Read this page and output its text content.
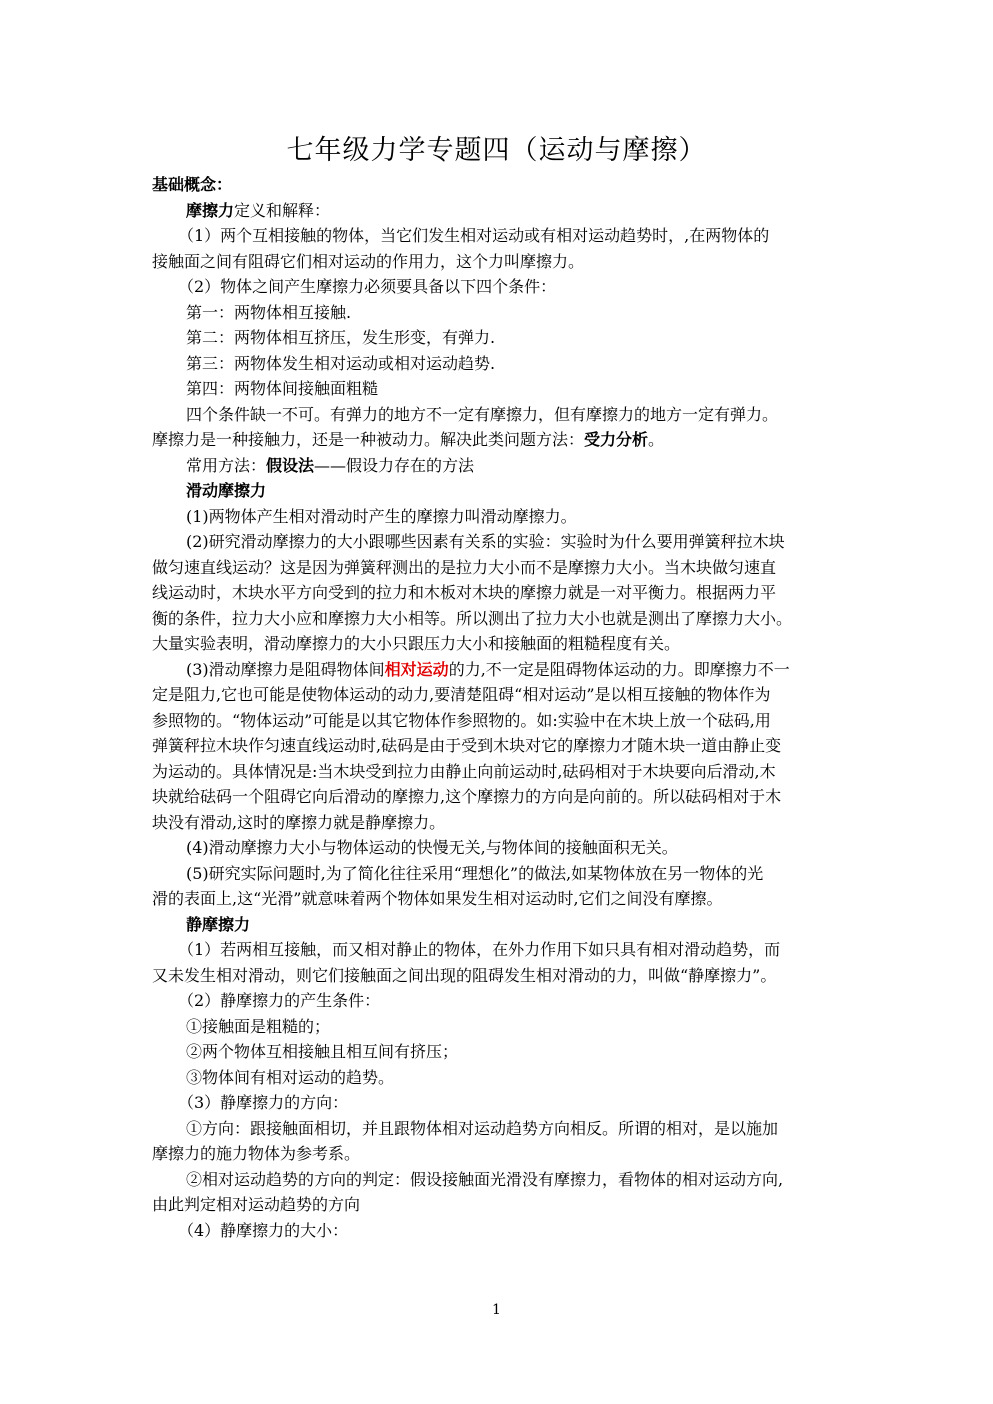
七年级力学专题四（运动与摩擦）
基础概念：
摩擦力定义和解释：
（1）两个互相接触的物体，当它们发生相对运动或有相对运动趋势时，,在两物体的
接触面之间有阻碍它们相对运动的作用力，这个力叫摩擦力。
（2）物体之间产生摩擦力必须要具备以下四个条件：
第一：两物体相互接触.
第二：两物体相互挤压，发生形变，有弹力.
第三：两物体发生相对运动或相对运动趋势.
第四：两物体间接触面粗糙
四个条件缺一不可。有弹力的地方不一定有摩擦力，但有摩擦力的地方一定有弹力。
摩擦力是一种接触力，还是一种被动力。解决此类问题方法：受力分析。
常用方法：假设法——假设力存在的方法
滑动摩擦力
(1)两物体产生相对滑动时产生的摩擦力叫滑动摩擦力。
(2)研究滑动摩擦力的大小跟哪些因素有关系的实验：实验时为什么要用弹簧秤拉木块
做匀速直线运动？这是因为弹簧秤测出的是拉力大小而不是摩擦力大小。当木块做匀速直
线运动时，木块水平方向受到的拉力和木板对木块的摩擦力就是一对平衡力。根据两力平
衡的条件，拉力大小应和摩擦力大小相等。所以测出了拉力大小也就是测出了摩擦力大小。
大量实验表明，滑动摩擦力的大小只跟压力大小和接触面的粗糙程度有关。
(3)滑动摩擦力是阻碍物体间相对运动的力,不一定是阻碍物体运动的力。即摩擦力不一
定是阻力,它也可能是使物体运动的动力,要清楚阻碍“相对运动”是以相互接触的物体作为
参照物的。“物体运动”可能是以其它物体作参照物的。如:实验中在木块上放一个砝码,用
弹簧秤拉木块作匀速直线运动时,砝码是由于受到木块对它的摩擦力才随木块一道由静止变
为运动的。具体情况是:当木块受到拉力由静止向前运动时,砝码相对于木块要向后滑动,木
块就给砝码一个阻碍它向后滑动的摩擦力,这个摩擦力的方向是向前的。所以砝码相对于木
块没有滑动,这时的摩擦力就是静摩擦力。
(4)滑动摩擦力大小与物体运动的快慢无关,与物体间的接触面积无关。
(5)研究实际问题时,为了简化往往采用“理想化”的做法,如某物体放在另一物体的光
滑的表面上,这“光滑”就意味着两个物体如果发生相对运动时,它们之间没有摩擦。
静摩擦力
（1）若两相互接触，而又相对静止的物体，在外力作用下如只具有相对滑动趋势，而
又未发生相对滑动，则它们接触面之间出现的阻碍发生相对滑动的力，叫做“静摩擦力”。
（2）静摩擦力的产生条件：
①接触面是粗糙的；
②两个物体互相接触且相互间有挤压；
③物体间有相对运动的趋势。
（3）静摩擦力的方向：
①方向：跟接触面相切，并且跟物体相对运动趋势方向相反。所谓的相对，是以施加
摩擦力的施力物体为参考系。
②相对运动趋势的方向的判定：假设接触面光滑没有摩擦力，看物体的相对运动方向,
由此判定相对运动趋势的方向
（4）静摩擦力的大小：
1
